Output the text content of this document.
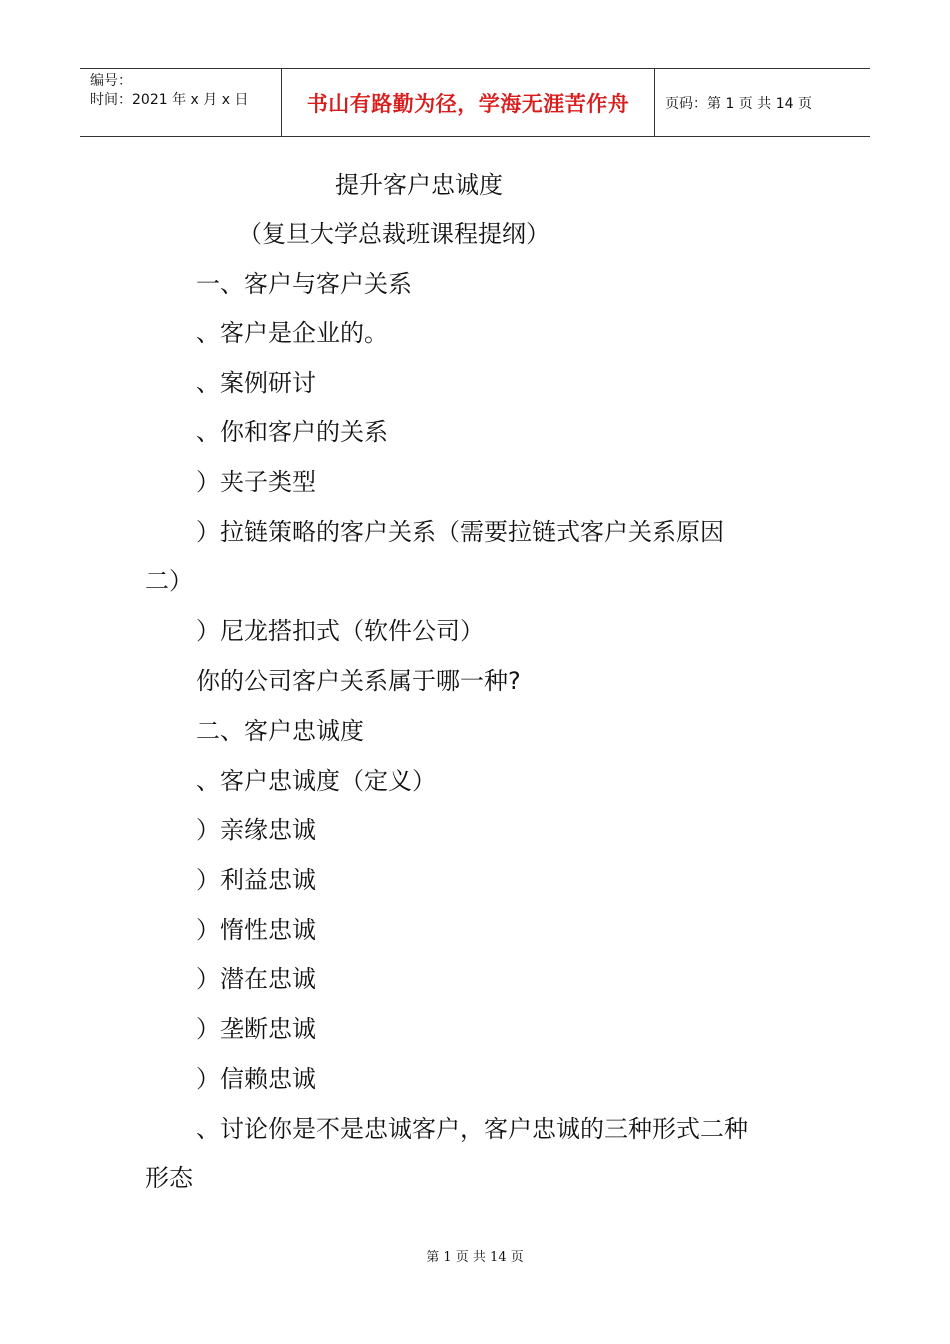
编号：
时间：2021 年 x 月 x 日	书山有路勤为径，学海无涯苦作舟	页码：第 1 页 共 14 页
提升客户忠诚度
（复旦大学总裁班课程提纲）
一、客户与客户关系
、客户是企业的。
、案例研讨
、你和客户的关系
）夹子类型
）拉链策略的客户关系（需要拉链式客户关系原因
二）
）尼龙搭扣式（软件公司）
你的公司客户关系属于哪一种?
二、客户忠诚度
、客户忠诚度（定义）
）亲缘忠诚
）利益忠诚
）惰性忠诚
）潜在忠诚
）垄断忠诚
）信赖忠诚
、讨论你是不是忠诚客户，客户忠诚的三种形式二种
形态
第 1 页 共 14 页
